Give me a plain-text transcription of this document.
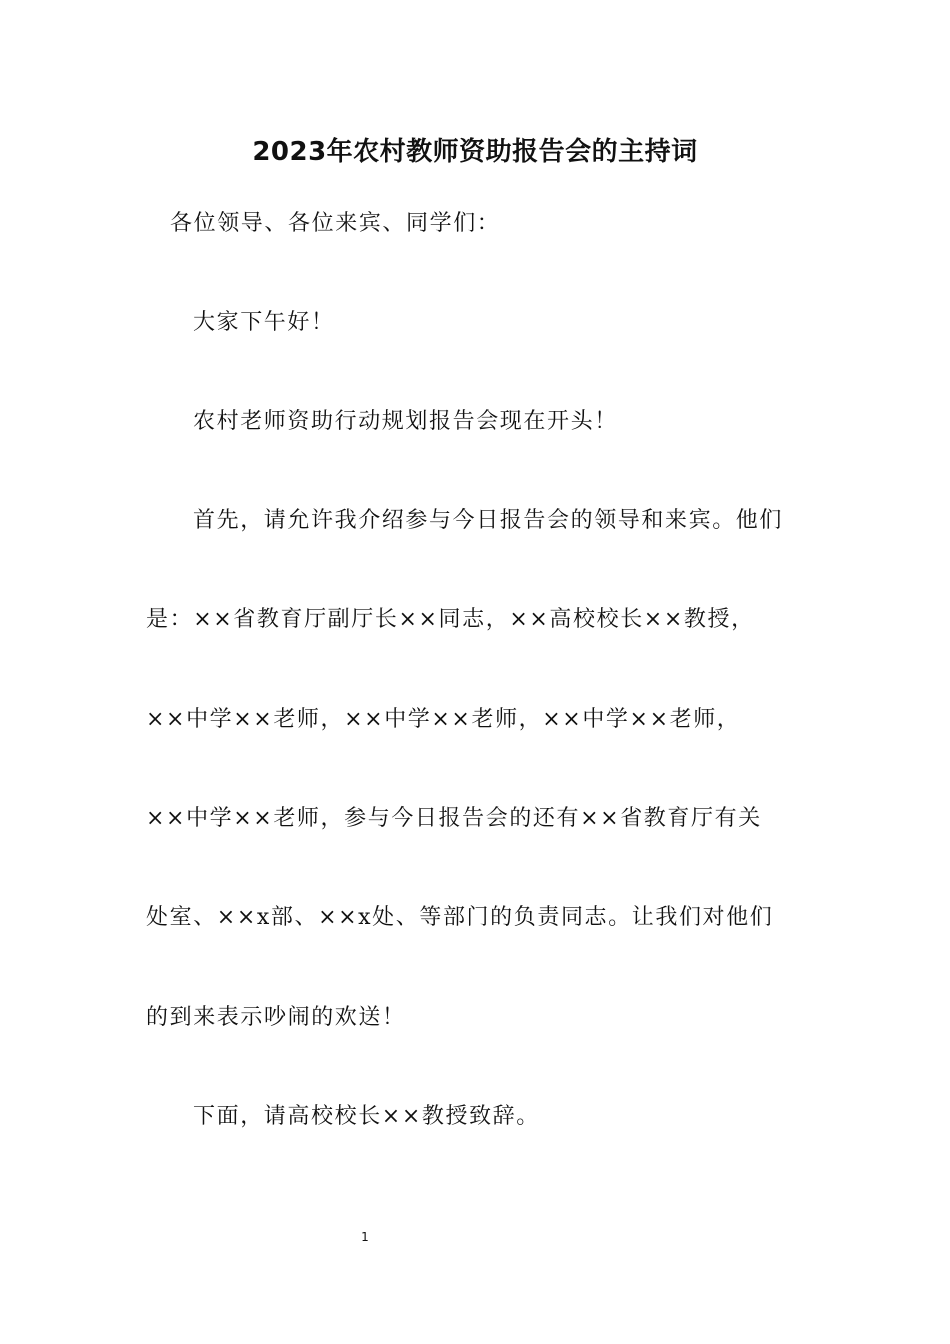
2023年农村教师资助报告会的主持词

各位领导、各位来宾、同学们：

大家下午好！

农村老师资助行动规划报告会现在开头！

首先，请允许我介绍参与今日报告会的领导和来宾。他们

是：××省教育厅副厅长××同志，××高校校长××教授，

××中学××老师，××中学××老师，××中学××老师，

××中学××老师，参与今日报告会的还有××省教育厅有关

处室、××x部、××x处、等部门的负责同志。让我们对他们

的到来表示吵闹的欢送！

下面，请高校校长××教授致辞。

1
